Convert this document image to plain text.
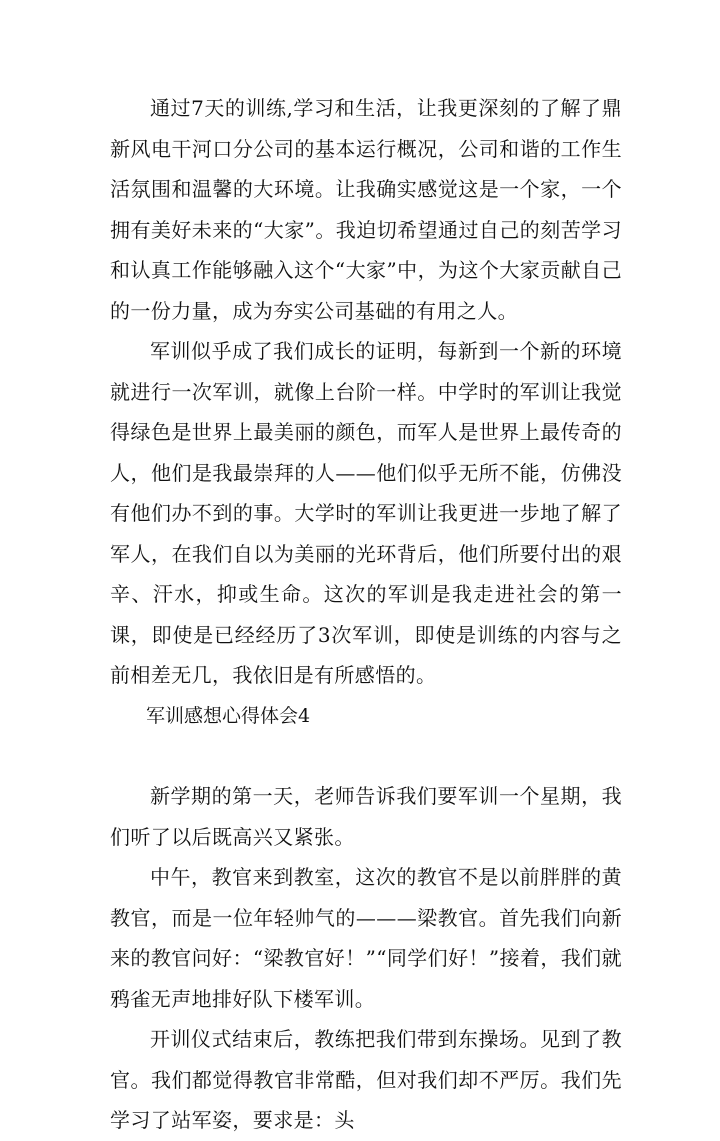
通过7天的训练,学习和生活，让我更深刻的了解了鼎新风电干河口分公司的基本运行概况，公司和谐的工作生活氛围和温馨的大环境。让我确实感觉这是一个家，一个拥有美好未来的“大家”。我迫切希望通过自己的刻苦学习和认真工作能够融入这个“大家”中，为这个大家贡献自己的一份力量，成为夯实公司基础的有用之人。

军训似乎成了我们成长的证明，每新到一个新的环境就进行一次军训，就像上台阶一样。中学时的军训让我觉得绿色是世界上最美丽的颜色，而军人是世界上最传奇的人，他们是我最崇拜的人——他们似乎无所不能，仿佛没有他们办不到的事。大学时的军训让我更进一步地了解了军人，在我们自以为美丽的光环背后，他们所要付出的艰辛、汗水，抑或生命。这次的军训是我走进社会的第一课，即使是已经经历了3次军训，即使是训练的内容与之前相差无几，我依旧是有所感悟的。

军训感想心得体会4

新学期的第一天，老师告诉我们要军训一个星期，我们听了以后既高兴又紧张。

中午，教官来到教室，这次的教官不是以前胖胖的黄教官，而是一位年轻帅气的———梁教官。首先我们向新来的教官问好：“梁教官好！”“同学们好！”接着，我们就鸦雀无声地排好队下楼军训。

开训仪式结束后，教练把我们带到东操场。见到了教官。我们都觉得教官非常酷，但对我们却不严厉。我们先学习了站军姿，要求是：头
